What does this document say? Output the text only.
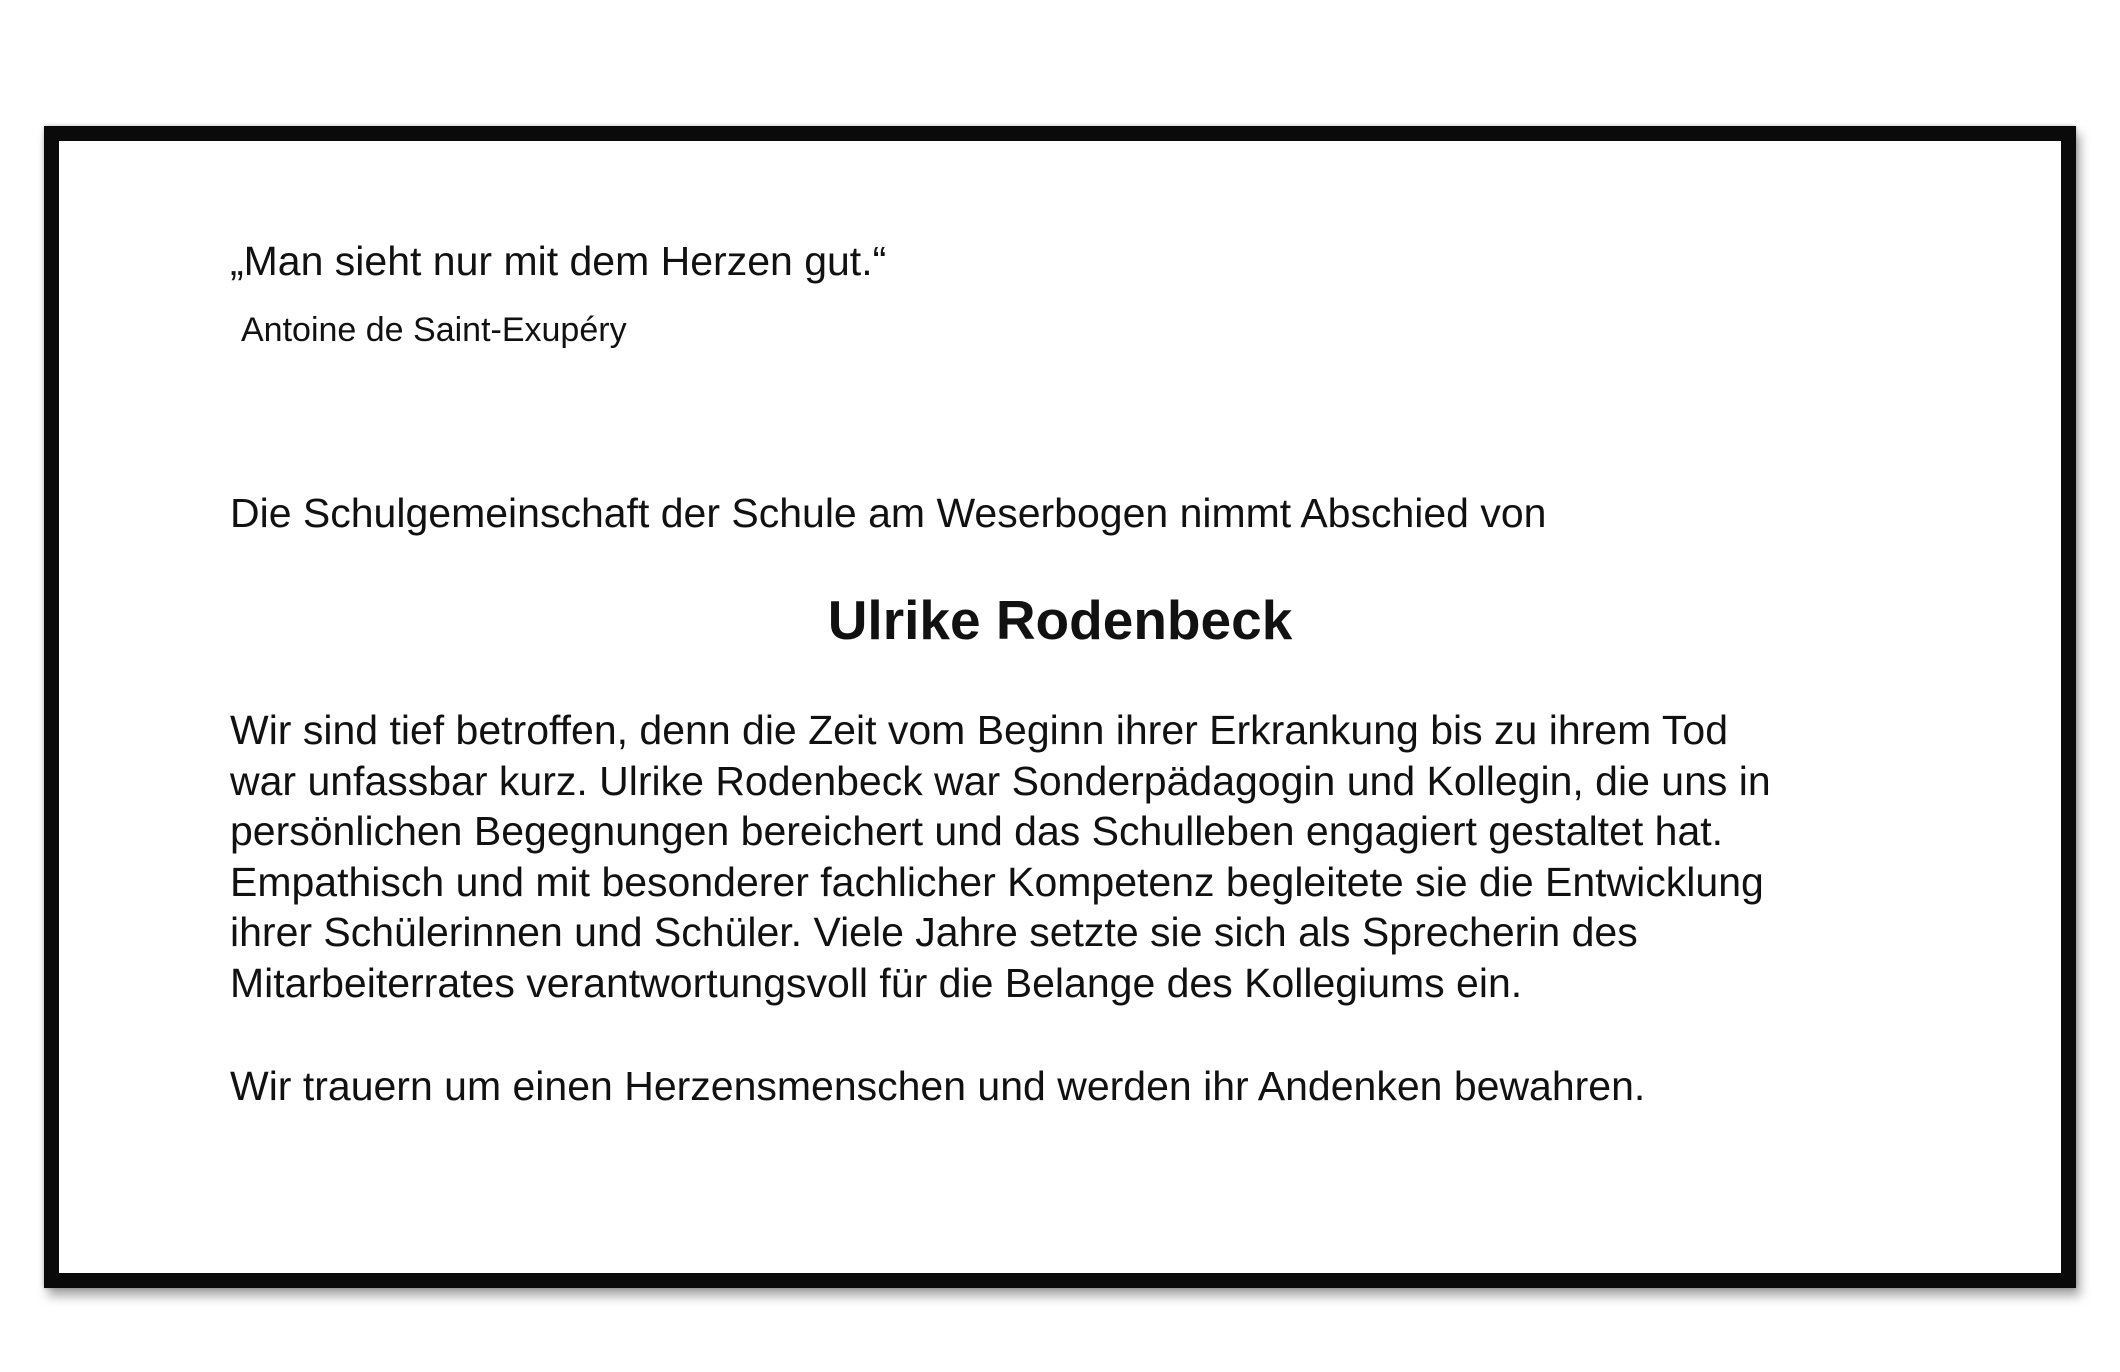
„Man sieht nur mit dem Herzen gut.“
Antoine de Saint-Exupéry
Die Schulgemeinschaft der Schule am Weserbogen nimmt Abschied von
Ulrike Rodenbeck
Wir sind tief betroffen, denn die Zeit vom Beginn ihrer Erkrankung bis zu ihrem Tod
war unfassbar kurz. Ulrike Rodenbeck war Sonderpädagogin und Kollegin, die uns in
persönlichen Begegnungen bereichert und das Schulleben engagiert gestaltet hat.
Empathisch und mit besonderer fachlicher Kompetenz begleitete sie die Entwicklung
ihrer Schülerinnen und Schüler. Viele Jahre setzte sie sich als Sprecherin des
Mitarbeiterrates verantwortungsvoll für die Belange des Kollegiums ein.
Wir trauern um einen Herzensmenschen und werden ihr Andenken bewahren.
